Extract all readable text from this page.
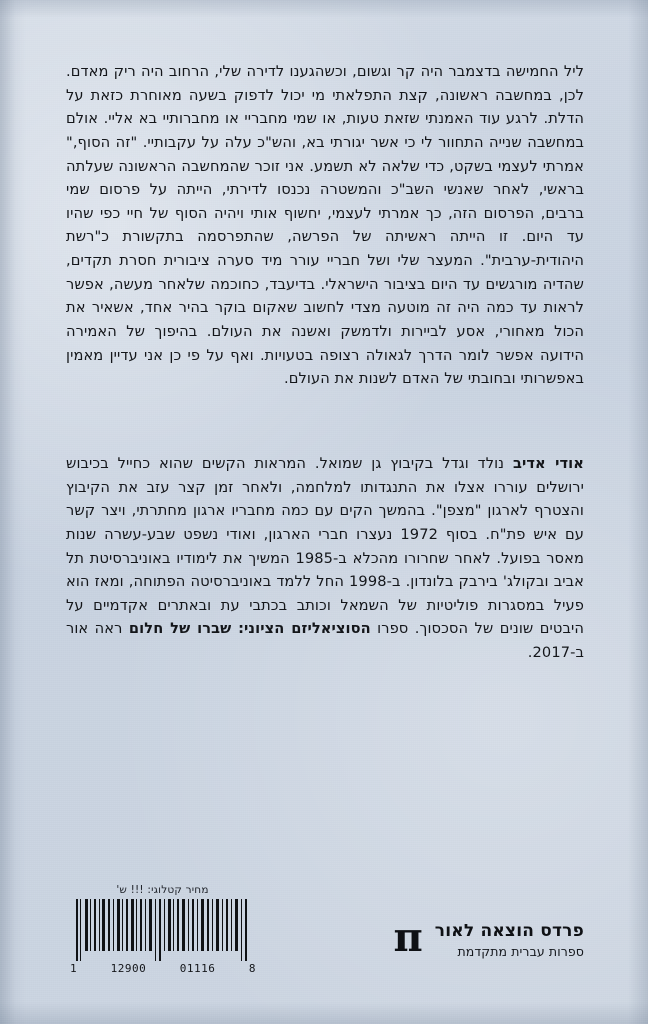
ליל החמישה בדצמבר היה קר וגשום, וכשהגענו לדירה שלי, הרחוב היה ריק מאדם. לכן, במחשבה ראשונה, קצת התפלאתי מי יכול לדפוק בשעה מאוחרת כזאת על הדלת. לרגע עוד האמנתי שזאת טעות, או שמי מחבריי או מחברותיי בא אליי. אולם במחשבה שנייה התחוור לי כי אשר יגורתי בא, והש"כ עלה על עקבותיי. "זה הסוף," אמרתי לעצמי בשקט, כדי שלאה לא תשמע. אני זוכר שהמחשבה הראשונה שעלתה בראשי, לאחר שאנשי השב"כ והמשטרה נכנסו לדירתי, הייתה על פרסום שמי ברבים, הפרסום הזה, כך אמרתי לעצמי, יחשוף אותי ויהיה הסוף של חיי כפי שהיו עד היום. זו הייתה ראשיתה של הפרשה, שהתפרסמה בתקשורת כ"רשת היהודית-ערבית". המעצר שלי ושל חבריי עורר מיד סערה ציבורית חסרת תקדים, שהדיה מורגשים עד היום בציבור הישראלי. בדיעבד, כחוכמה שלאחר מעשה, אפשר לראות עד כמה היה זה מוטעה מצדי לחשוב שאקום בוקר בהיר אחד, אשאיר את הכול מאחורי, אסע לביירות ולדמשק ואשנה את העולם. בהיפוך של האמירה הידועה אפשר לומר הדרך לגאולה רצופה בטעויות. ואף על פי כן אני עדיין מאמין באפשרותי ובחובתי של האדם לשנות את העולם.
אודי אדיב נולד וגדל בקיבוץ גן שמואל. המראות הקשים שהוא כחייל בכיבוש ירושלים עוררו אצלו את התנגדותו למלחמה, ולאחר זמן קצר עזב את הקיבוץ והצטרף לארגון "מצפן". בהמשך הקים עם כמה מחבריו ארגון מחתרתי, ויצר קשר עם איש פת"ח. בסוף 1972 נעצרו חברי הארגון, ואודי נשפט שבע-עשרה שנות מאסר בפועל. לאחר שחרורו מהכלא ב-1985 המשיך את לימודיו באוניברסיטת תל אביב ובקולג' בירבק בלונדון. ב-1998 החל ללמד באוניברסיטה הפתוחה, ומאז הוא פעיל במסגרות פוליטיות של השמאל וכותב בכתבי עת ובאתרים אקדמיים על היבטים שונים של הסכסוך. ספרו הסוציאליזם הציוני: שברו של חלום ראה אור ב-2017.
מחיר קטלוגי: !!! ש'
1	12900	01116	8
פרדס הוצאה לאור
ספרות עברית מתקדמת
π
